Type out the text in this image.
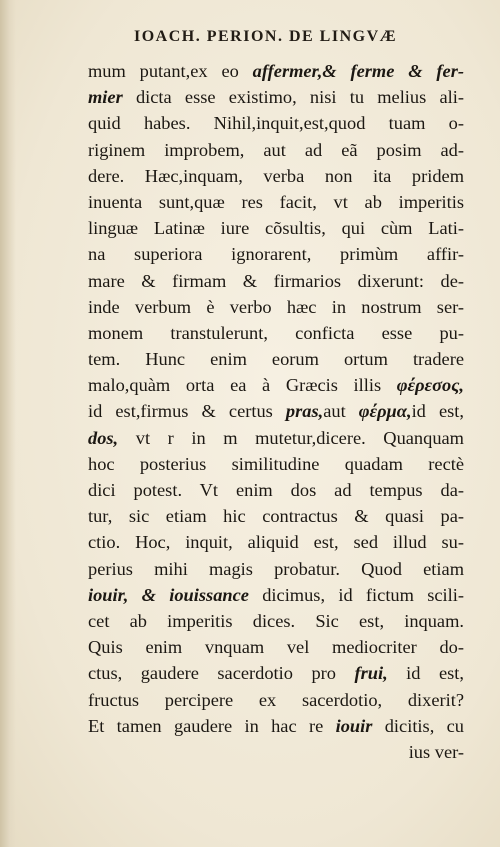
IOACH. PERION. DE LINGVÆ
mum putant,ex eo affermer,& ferme & fer-
mier dicta esse existimo, nisi tu melius ali-
quid habes. Nihil,inquit,est,quod tuam o-
riginem improbem, aut ad eã posim ad-
dere. Hæc,inquam, verba non ita pridem
inuenta sunt,quæ res facit, vt ab imperitis
linguæ Latinæ iure cõsultis, qui cùm Lati-
na superiora ignorarent, primùm affir-
mare & firmam & firmarios dixerunt: de-
inde verbum è verbo hæc in nostrum ser-
monem transtulerunt, conficta esse pu-
tem. Hunc enim eorum ortum tradere
malo,quàm orta ea à Græcis illis φέρεσος,
id est,firmus & certus pras,aut φέρμα,id est,
dos, vt r in m mutetur,dicere. Quanquam
hoc posterius similitudine quadam rectè
dici potest. Vt enim dos ad tempus da-
tur, sic etiam hic contractus & quasi pa-
ctio. Hoc, inquit, aliquid est, sed illud su-
perius mihi magis probatur. Quod etiam
iouir, & iouissance dicimus, id fictum scili-
cet ab imperitis dices. Sic est, inquam.
Quis enim vnquam vel mediocriter do-
ctus, gaudere sacerdotio pro frui, id est,
fructus percipere ex sacerdotio, dixerit?
Et tamen gaudere in hac re iouir dicitis, cu
ius ver-
